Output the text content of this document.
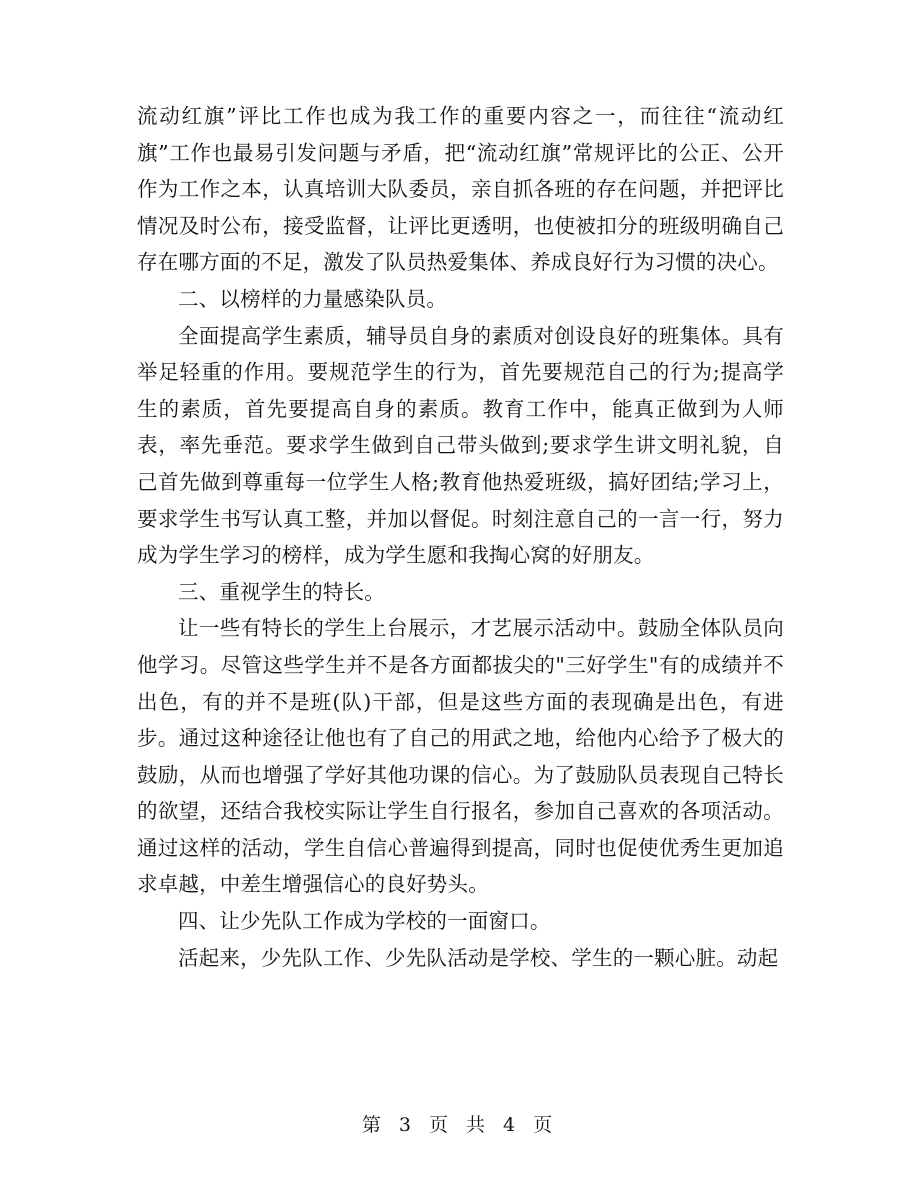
流动红旗”评比工作也成为我工作的重要内容之一，而往往“流动红旗”工作也最易引发问题与矛盾，把“流动红旗”常规评比的公正、公开作为工作之本，认真培训大队委员，亲自抓各班的存在问题，并把评比情况及时公布，接受监督，让评比更透明，也使被扣分的班级明确自己存在哪方面的不足，激发了队员热爱集体、养成良好行为习惯的决心。

二、以榜样的力量感染队员。

全面提高学生素质，辅导员自身的素质对创设良好的班集体。具有举足轻重的作用。要规范学生的行为，首先要规范自己的行为;提高学生的素质，首先要提高自身的素质。教育工作中，能真正做到为人师表，率先垂范。要求学生做到自己带头做到;要求学生讲文明礼貌，自己首先做到尊重每一位学生人格;教育他热爱班级，搞好团结;学习上，要求学生书写认真工整，并加以督促。时刻注意自己的一言一行，努力成为学生学习的榜样，成为学生愿和我掏心窝的好朋友。

三、重视学生的特长。

让一些有特长的学生上台展示，才艺展示活动中。鼓励全体队员向他学习。尽管这些学生并不是各方面都拔尖的"三好学生"有的成绩并不出色，有的并不是班(队)干部，但是这些方面的表现确是出色，有进步。通过这种途径让他也有了自己的用武之地，给他内心给予了极大的鼓励，从而也增强了学好其他功课的信心。为了鼓励队员表现自己特长的欲望，还结合我校实际让学生自行报名，参加自己喜欢的各项活动。通过这样的活动，学生自信心普遍得到提高，同时也促使优秀生更加追求卓越，中差生增强信心的良好势头。

四、让少先队工作成为学校的一面窗口。

活起来，少先队工作、少先队活动是学校、学生的一颗心脏。动起

第 3 页 共 4 页
